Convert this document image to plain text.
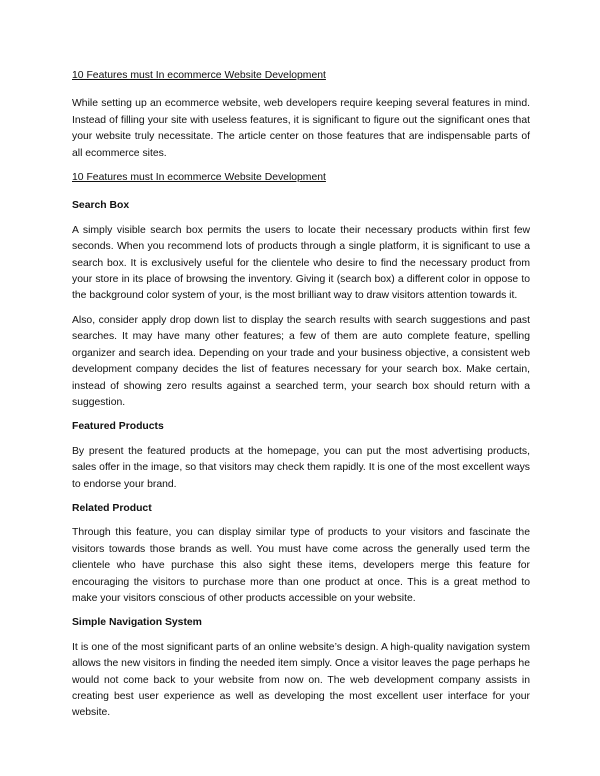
10 Features must In ecommerce Website Development
While setting up an ecommerce website, web developers require keeping several features in mind. Instead of filling your site with useless features, it is significant to figure out the significant ones that your website truly necessitate. The article center on those features that are indispensable parts of all ecommerce sites.
10 Features must In ecommerce Website Development
Search Box
A simply visible search box permits the users to locate their necessary products within first few seconds. When you recommend lots of products through a single platform, it is significant to use a search box. It is exclusively useful for the clientele who desire to find the necessary product from your store in its place of browsing the inventory. Giving it (search box) a different color in oppose to the background color system of your, is the most brilliant way to draw visitors attention towards it.
Also, consider apply drop down list to display the search results with search suggestions and past searches. It may have many other features; a few of them are auto complete feature, spelling organizer and search idea. Depending on your trade and your business objective, a consistent web development company decides the list of features necessary for your search box. Make certain, instead of showing zero results against a searched term, your search box should return with a suggestion.
Featured Products
By present the featured products at the homepage, you can put the most advertising products, sales offer in the image, so that visitors may check them rapidly. It is one of the most excellent ways to endorse your brand.
Related Product
Through this feature, you can display similar type of products to your visitors and fascinate the visitors towards those brands as well. You must have come across the generally used term the clientele who have purchase this also sight these items, developers merge this feature for encouraging the visitors to purchase more than one product at once. This is a great method to make your visitors conscious of other products accessible on your website.
Simple Navigation System
It is one of the most significant parts of an online website’s design. A high-quality navigation system allows the new visitors in finding the needed item simply. Once a visitor leaves the page perhaps he would not come back to your website from now on. The web development company assists in creating best user experience as well as developing the most excellent user interface for your website.
